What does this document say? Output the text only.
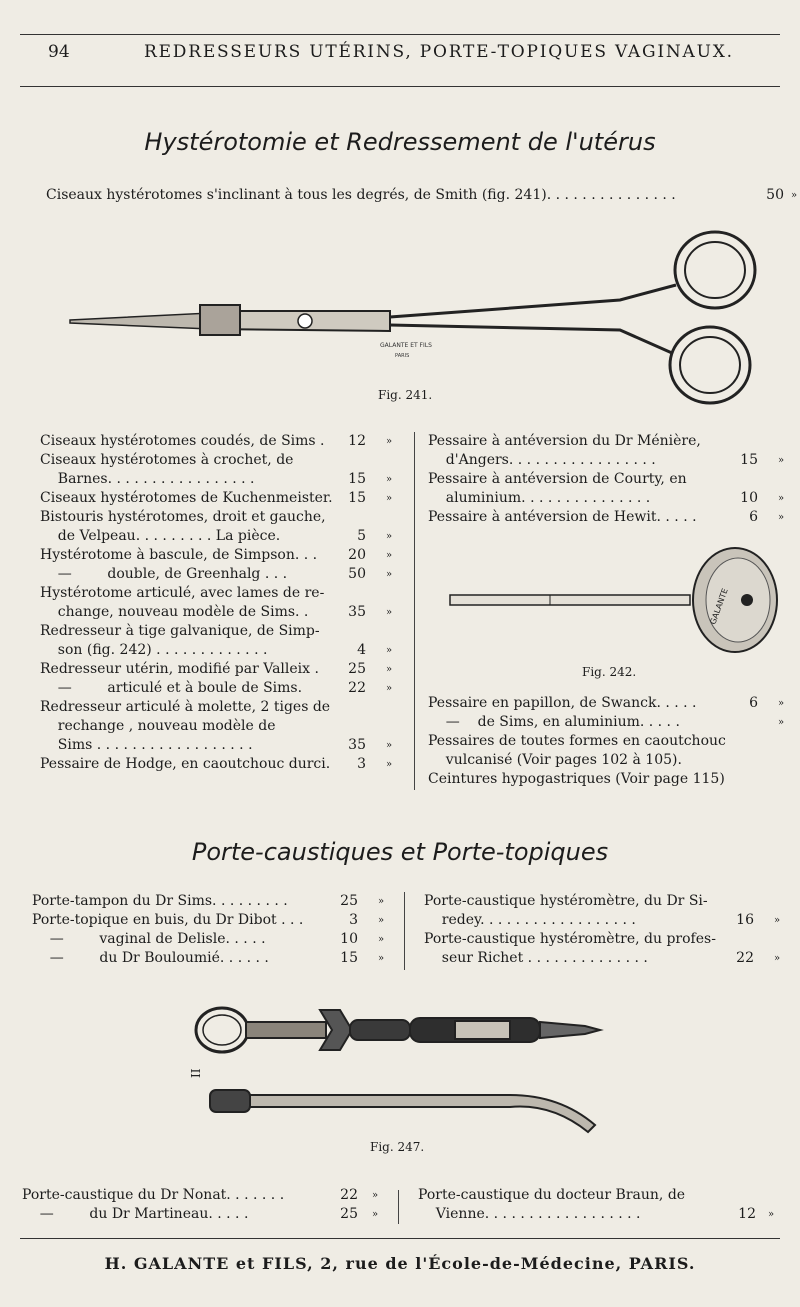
94	REDRESSEURS UTÉRINS, PORTE-TOPIQUES VAGINAUX.
Hystérotomie et Redressement de l'utérus
Ciseaux hystérotomes s'inclinant à tous les degrés, de Smith (fig. 241). . . . . . . . . . . . . . .	50 »
GALANTE ET FILS
PARIS
Fig. 241.
Ciseaux hystérotomes coudés, de Sims .	12 »
Ciseaux hystérotomes à crochet, de
Barnes. . . . . . . . . . . . . . . . .	15 »
Ciseaux hystérotomes de Kuchenmeister.	15 »
Bistouris hystérotomes, droit et gauche,
de Velpeau. . . . . . . . . La pièce.	5 »
Hystérotome à bascule, de Simpson. . .	20 »
—        double, de Greenhalg . . .	50 »
Hystérotome articulé, avec lames de re-
change, nouveau modèle de Sims. .	35 »
Redresseur à tige galvanique, de Simp-
son (fig. 242) . . . . . . . . . . . . .	4 »
Redresseur utérin, modifié par Valleix .	25 »
—        articulé et à boule de Sims.	22 »
Redresseur articulé à molette, 2 tiges de
rechange , nouveau modèle de
Sims . . . . . . . . . . . . . . . . . .	35 »
Pessaire de Hodge, en caoutchouc durci.	3 »
Pessaire à antéversion du Dr Ménière,
d'Angers. . . . . . . . . . . . . . . . .	15 »
Pessaire à antéversion de Courty, en
aluminium. . . . . . . . . . . . . . .	10 »
Pessaire à antéversion de Hewit. . . . .	6 »
GALANTE
Fig. 242.
Pessaire en papillon, de Swanck. . . . .	6 »
—    de Sims, en aluminium. . . . .	»
Pessaires de toutes formes en caoutchouc
vulcanisé (Voir pages 102 à 105).
Ceintures hypogastriques (Voir page 115)
Porte-caustiques et Porte-topiques
Porte-tampon du Dr Sims. . . . . . . . .	25 »
Porte-topique en buis, du Dr Dibot . . .	3 »
—        vaginal de Delisle. . . . .	10 »
—        du Dr Bouloumié. . . . . .	15 »
Porte-caustique hystéromètre, du Dr Si-
redey. . . . . . . . . . . . . . . . . .	16 »
Porte-caustique hystéromètre, du profes-
seur Richet . . . . . . . . . . . . . .	22 »
II
Fig. 247.
Porte-caustique du Dr Nonat. . . . . . .	22 »
—        du Dr Martineau. . . . .	25 »
Porte-caustique du docteur Braun, de
Vienne. . . . . . . . . . . . . . . . . .	12 »
H. GALANTE et FILS, 2, rue de l'École-de-Médecine, PARIS.
